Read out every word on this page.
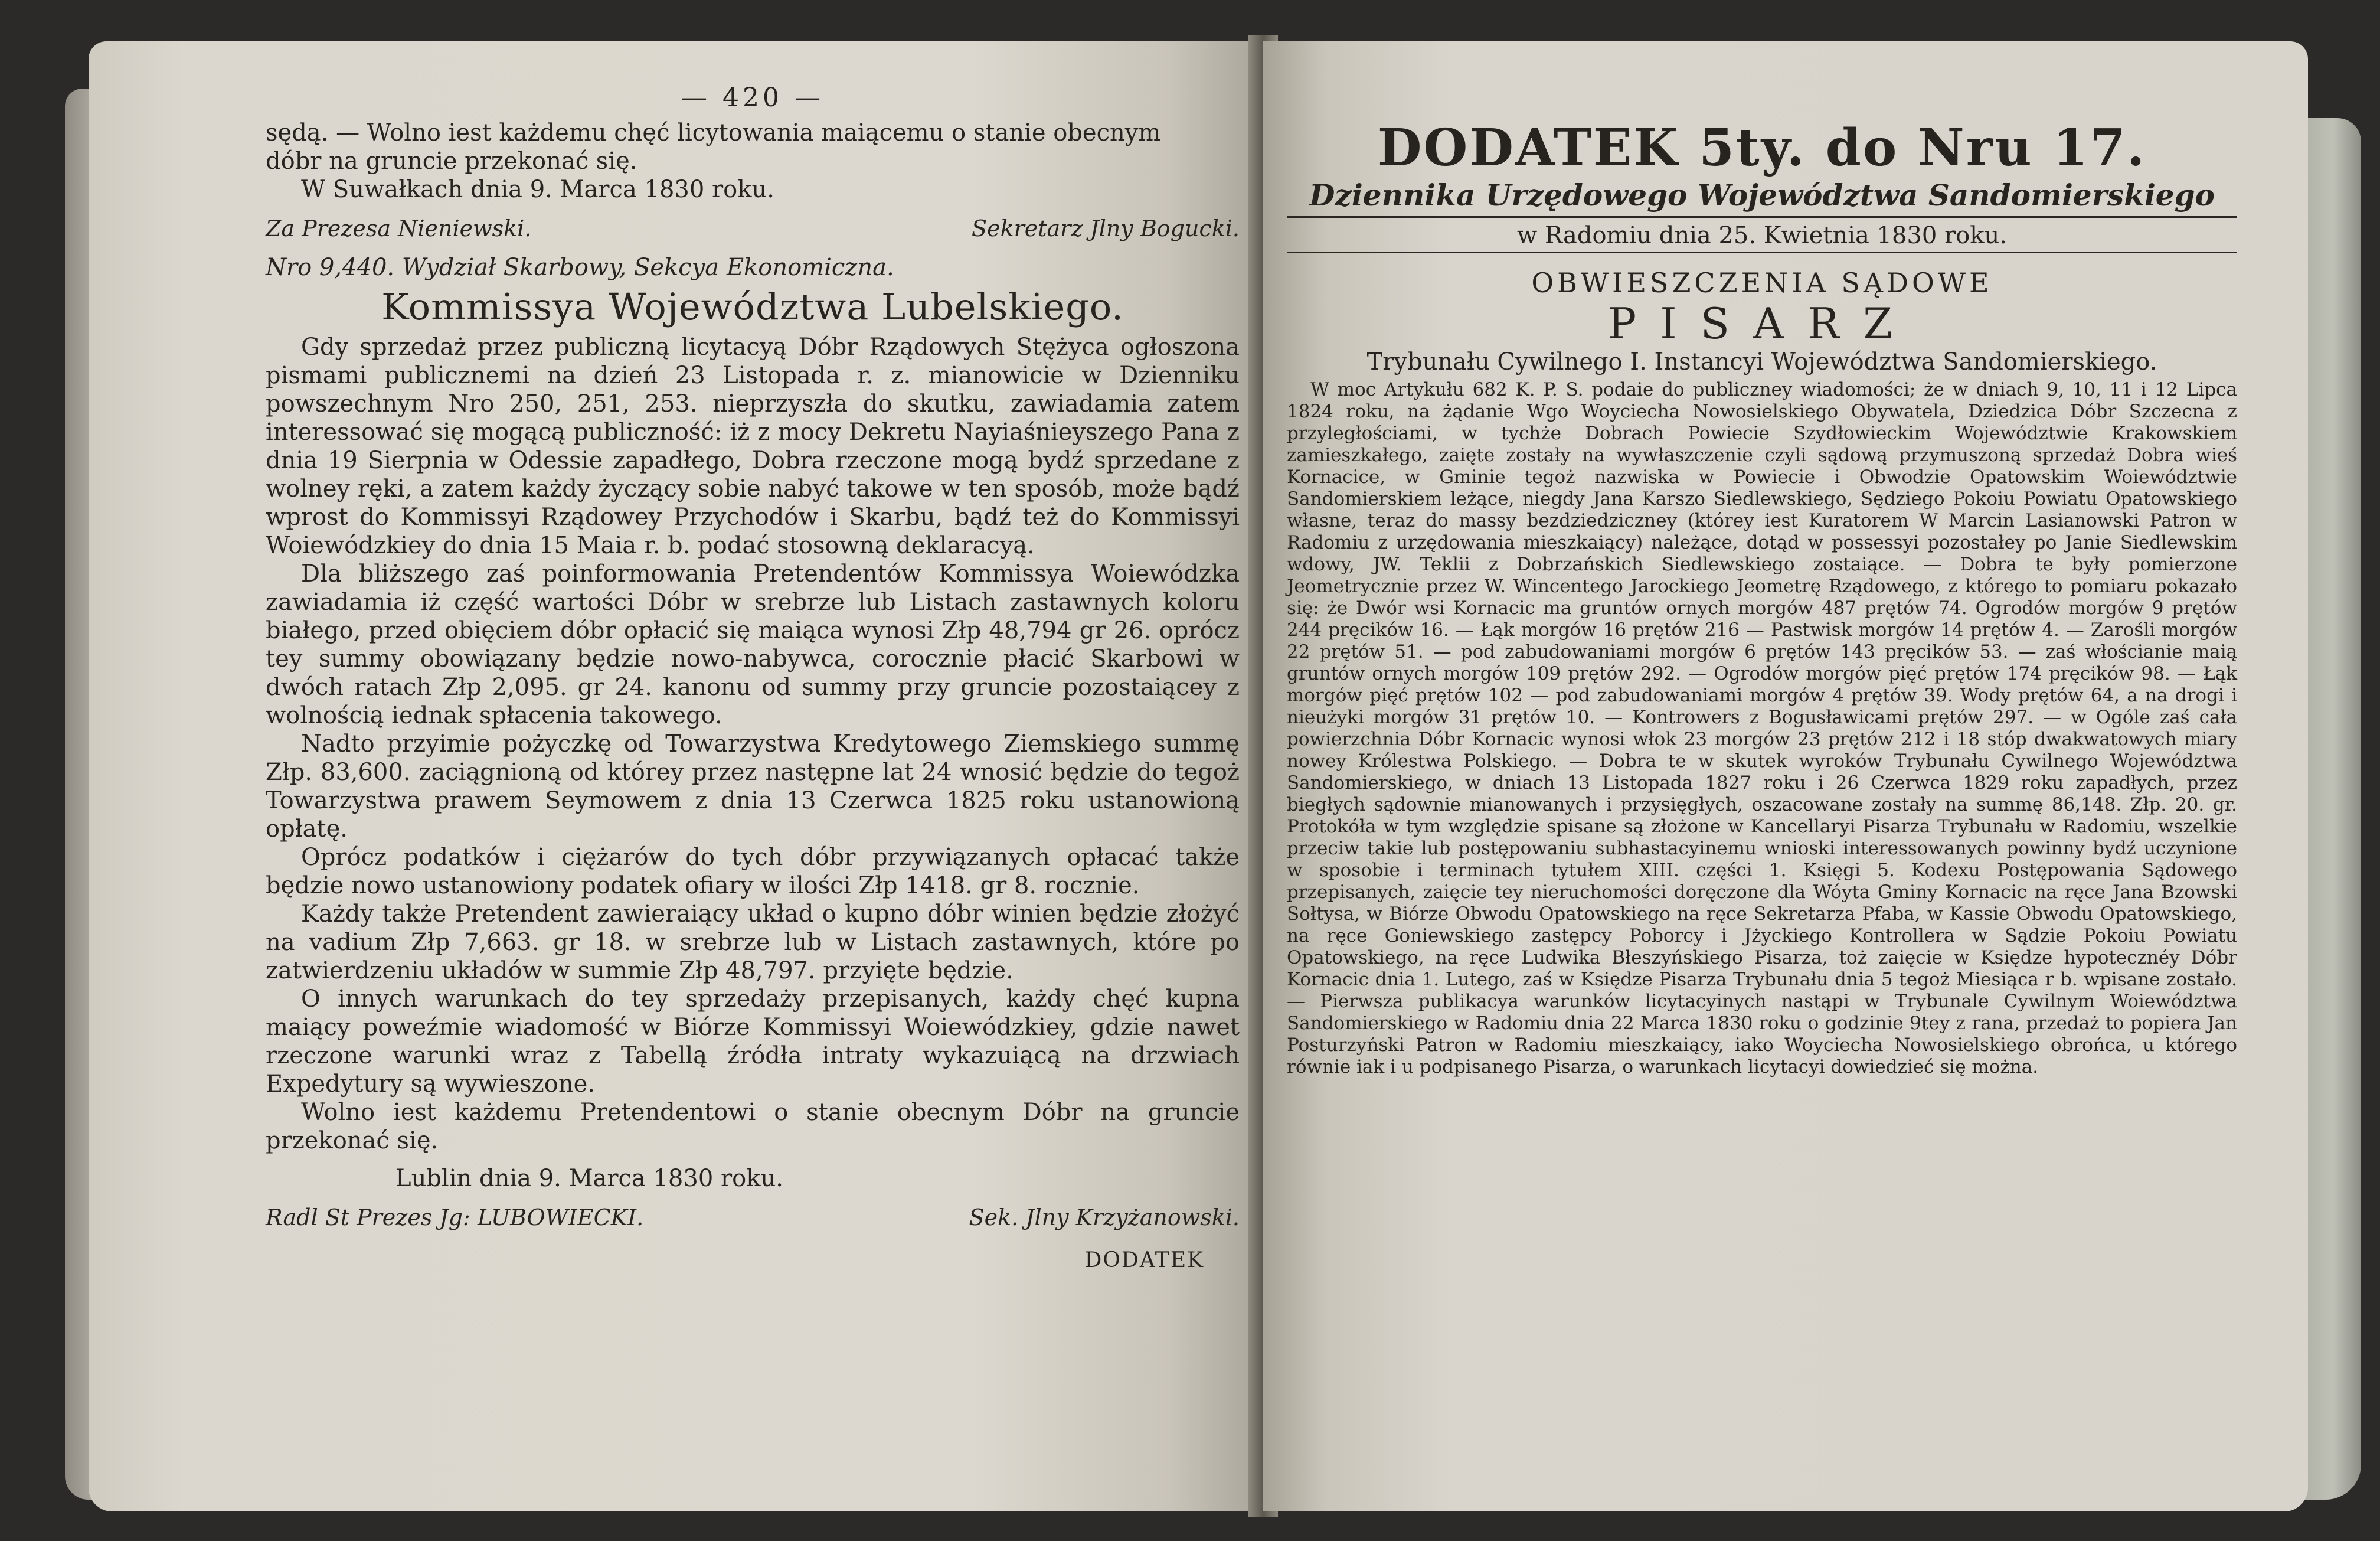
— 420 —

sędą. — Wolno iest każdemu chęć licytowania maiącemu o stanie obecnym

dóbr na gruncie przekonać się.

W Suwałkach dnia 9. Marca 1830 roku.

Za Prezesa Nieniewski.	Sekretarz Jlny Bogucki.

Nro 9,440. Wydział Skarbowy, Sekcya Ekonomiczna.

Kommissya Województwa Lubelskiego.

Gdy sprzedaż przez publiczną licytacyą Dóbr Rządowych Stężyca ogłoszona pismami publicznemi na dzień 23 Listopada r. z. mianowicie w Dzienniku powszechnym Nro 250, 251, 253. nieprzyszła do skutku, zawiadamia zatem interessować się mogącą publiczność: iż z mocy Dekretu Nayiaśnieyszego Pana z dnia 19 Sierpnia w Odessie zapadłego, Dobra rzeczone mogą bydź sprzedane z wolney ręki, a zatem każdy życzący sobie nabyć takowe w ten sposób, może bądź wprost do Kommissyi Rządowey Przychodów i Skarbu, bądź też do Kommissyi Woiewódzkiey do dnia 15 Maia r. b. podać stosowną deklaracyą.

Dla bliższego zaś poinformowania Pretendentów Kommissya Woiewódzka zawiadamia iż część wartości Dóbr w srebrze lub Listach zastawnych koloru białego, przed obięciem dóbr opłacić się maiąca wynosi Złp 48,794 gr 26. oprócz tey summy obowiązany będzie nowo-nabywca, corocznie płacić Skarbowi w dwóch ratach Złp 2,095. gr 24. kanonu od summy przy gruncie pozostaiącey z wolnością iednak spłacenia takowego.

Nadto przyimie pożyczkę od Towarzystwa Kredytowego Ziemskiego summę Złp. 83,600. zaciągnioną od którey przez następne lat 24 wnosić będzie do tegoż Towarzystwa prawem Seymowem z dnia 13 Czerwca 1825 roku ustanowioną opłatę.

Oprócz podatków i ciężarów do tych dóbr przywiązanych opłacać także będzie nowo ustanowiony podatek ofiary w ilości Złp 1418. gr 8. rocznie.

Każdy także Pretendent zawieraiący układ o kupno dóbr winien będzie złożyć na vadium Złp 7,663. gr 18. w srebrze lub w Listach zastawnych, które po zatwierdzeniu układów w summie Złp 48,797. przyięte będzie.

O innych warunkach do tey sprzedaży przepisanych, każdy chęć kupna maiący poweźmie wiadomość w Biórze Kommissyi Woiewódzkiey, gdzie nawet rzeczone warunki wraz z Tabellą źródła intraty wykazuiącą na drzwiach Expedytury są wywieszone.

Wolno iest każdemu Pretendentowi o stanie obecnym Dóbr na gruncie przekonać się.

Lublin dnia 9. Marca 1830 roku.

Radl St Prezes Jg: LUBOWIECKI.	Sek. Jlny Krzyżanowski.
DODATEK
DODATEK 5ty. do Nru 17.
Dziennika Urzędowego Województwa Sandomierskiego
w Radomiu dnia 25. Kwietnia 1830 roku.
OBWIESZCZENIA SĄDOWE
PISARZ
Trybunału Cywilnego I. Instancyi Województwa Sandomierskiego.

W moc Artykułu 682 K. P. S. podaie do publiczney wiadomości; że w dniach 9, 10, 11 i 12 Lipca 1824 roku, na żądanie Wgo Woyciecha Nowosielskiego Obywatela, Dziedzica Dóbr Szczecna z przyległościami, w tychże Dobrach Powiecie Szydłowieckim Województwie Krakowskiem zamieszkałego, zaięte zostały na wywłaszczenie czyli sądową przymuszoną sprzedaż Dobra wieś Kornacice, w Gminie tegoż nazwiska w Powiecie i Obwodzie Opatowskim Woiewództwie Sandomierskiem leżące, niegdy Jana Karszo Siedlewskiego, Sędziego Pokoiu Powiatu Opatowskiego własne, teraz do massy bezdziedziczney (którey iest Kuratorem W Marcin Lasianowski Patron w Radomiu z urzędowania mieszkaiący) należące, dotąd w possessyi pozostałey po Janie Siedlewskim wdowy, JW. Teklii z Dobrzańskich Siedlewskiego zostaiące. — Dobra te były pomierzone Jeometrycznie przez W. Wincentego Jarockiego Jeometrę Rządowego, z którego to pomiaru pokazało się: że Dwór wsi Kornacic ma gruntów ornych morgów 487 prętów 74. Ogrodów morgów 9 prętów 244 pręcików 16. — Łąk morgów 16 prętów 216 — Pastwisk morgów 14 prętów 4. — Zarośli morgów 22 prętów 51. — pod zabudowaniami morgów 6 prętów 143 pręcików 53. — zaś włościanie maią gruntów ornych morgów 109 prętów 292. — Ogrodów morgów pięć prętów 174 pręcików 98. — Łąk morgów pięć prętów 102 — pod zabudowaniami morgów 4 prętów 39. Wody prętów 64, a na drogi i nieużyki morgów 31 prętów 10. — Kontrowers z Bogusławicami prętów 297. — w Ogóle zaś cała powierzchnia Dóbr Kornacic wynosi włok 23 morgów 23 prętów 212 i 18 stóp dwakwatowych miary nowey Królestwa Polskiego. — Dobra te w skutek wyroków Trybunału Cywilnego Województwa Sandomierskiego, w dniach 13 Listopada 1827 roku i 26 Czerwca 1829 roku zapadłych, przez biegłych sądownie mianowanych i przysięgłych, oszacowane zostały na summę 86,148. Złp. 20. gr. Protokóła w tym względzie spisane są złożone w Kancellaryi Pisarza Trybunału w Radomiu, wszelkie przeciw takie lub postępowaniu subhastacyinemu wnioski interessowanych powinny bydź uczynione w sposobie i terminach tytułem XIII. części 1. Księgi 5. Kodexu Postępowania Sądowego przepisanych, zaięcie tey nieruchomości doręczone dla Wóyta Gminy Kornacic na ręce Jana Bzowski Sołtysa, w Biórze Obwodu Opatowskiego na ręce Sekretarza Pfaba, w Kassie Obwodu Opatowskiego, na ręce Goniewskiego zastępcy Poborcy i Jżyckiego Kontrollera w Sądzie Pokoiu Powiatu Opatowskiego, na ręce Ludwika Błeszyńskiego Pisarza, toż zaięcie w Księdze hypotecznéy Dóbr Kornacic dnia 1. Lutego, zaś w Księdze Pisarza Trybunału dnia 5 tegoż Miesiąca r b. wpisane zostało. — Pierwsza publikacya warunków licytacyinych nastąpi w Trybunale Cywilnym Woiewództwa Sandomierskiego w Radomiu dnia 22 Marca 1830 roku o godzinie 9tey z rana, przedaż to popiera Jan Posturzyński Patron w Radomiu mieszkaiący, iako Woyciecha Nowosielskiego obrońca, u którego równie iak i u podpisanego Pisarza, o warunkach licytacyi dowiedzieć się można.
